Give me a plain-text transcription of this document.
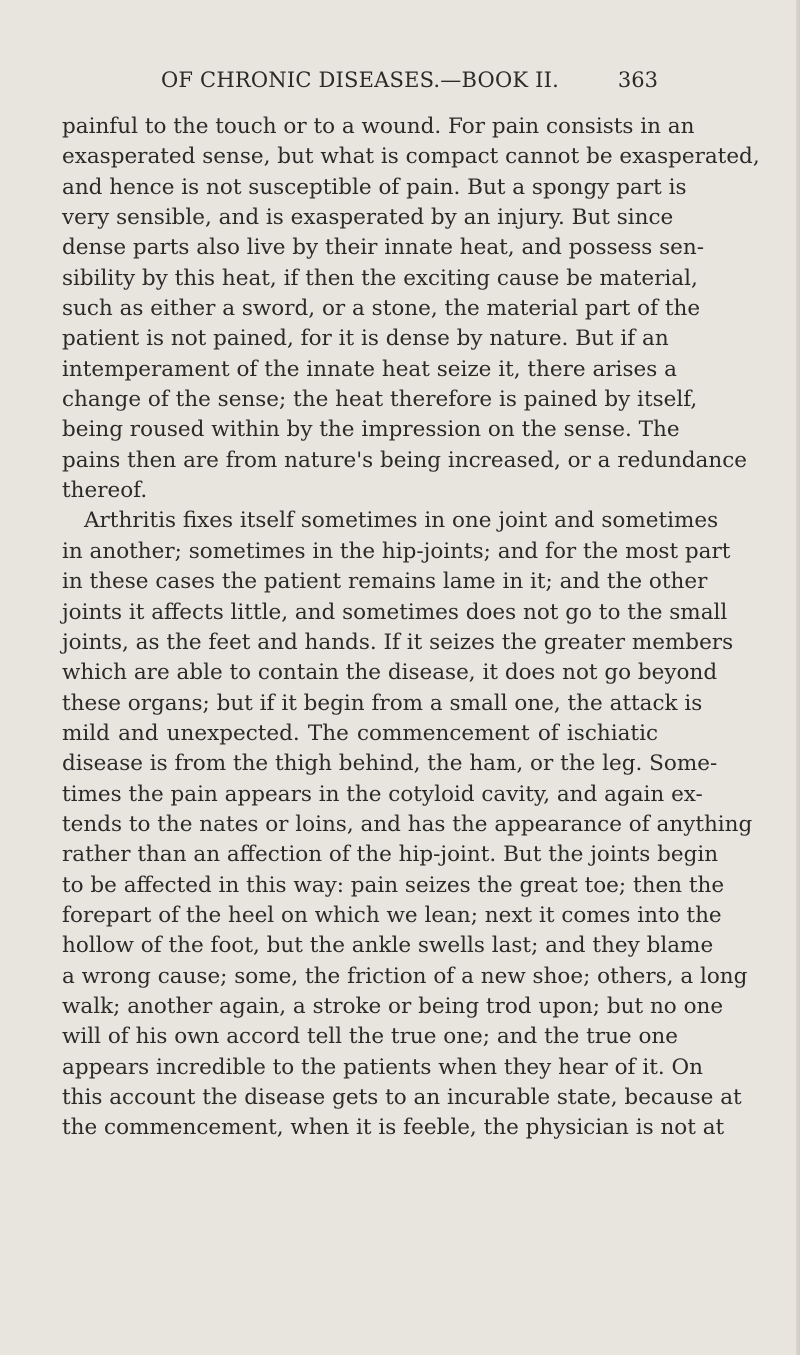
OF CHRONIC DISEASES.—BOOK II.	363
painful to the touch or to a wound. For pain consists in an
exasperated sense, but what is compact cannot be exasperated,
and hence is not susceptible of pain. But a spongy part is
very sensible, and is exasperated by an injury. But since
dense parts also live by their innate heat, and possess sen-
sibility by this heat, if then the exciting cause be material,
such as either a sword, or a stone, the material part of the
patient is not pained, for it is dense by nature. But if an
intemperament of the innate heat seize it, there arises a
change of the sense; the heat therefore is pained by itself,
being roused within by the impression on the sense. The
pains then are from nature's being increased, or a redundance
thereof.
Arthritis fixes itself sometimes in one joint and sometimes
in another; sometimes in the hip-joints; and for the most part
in these cases the patient remains lame in it; and the other
joints it affects little, and sometimes does not go to the small
joints, as the feet and hands. If it seizes the greater members
which are able to contain the disease, it does not go beyond
these organs; but if it begin from a small one, the attack is
mild and unexpected. The commencement of ischiatic
disease is from the thigh behind, the ham, or the leg. Some-
times the pain appears in the cotyloid cavity, and again ex-
tends to the nates or loins, and has the appearance of anything
rather than an affection of the hip-joint. But the joints begin
to be affected in this way: pain seizes the great toe; then the
forepart of the heel on which we lean; next it comes into the
hollow of the foot, but the ankle swells last; and they blame
a wrong cause; some, the friction of a new shoe; others, a long
walk; another again, a stroke or being trod upon; but no one
will of his own accord tell the true one; and the true one
appears incredible to the patients when they hear of it. On
this account the disease gets to an incurable state, because at
the commencement, when it is feeble, the physician is not at
